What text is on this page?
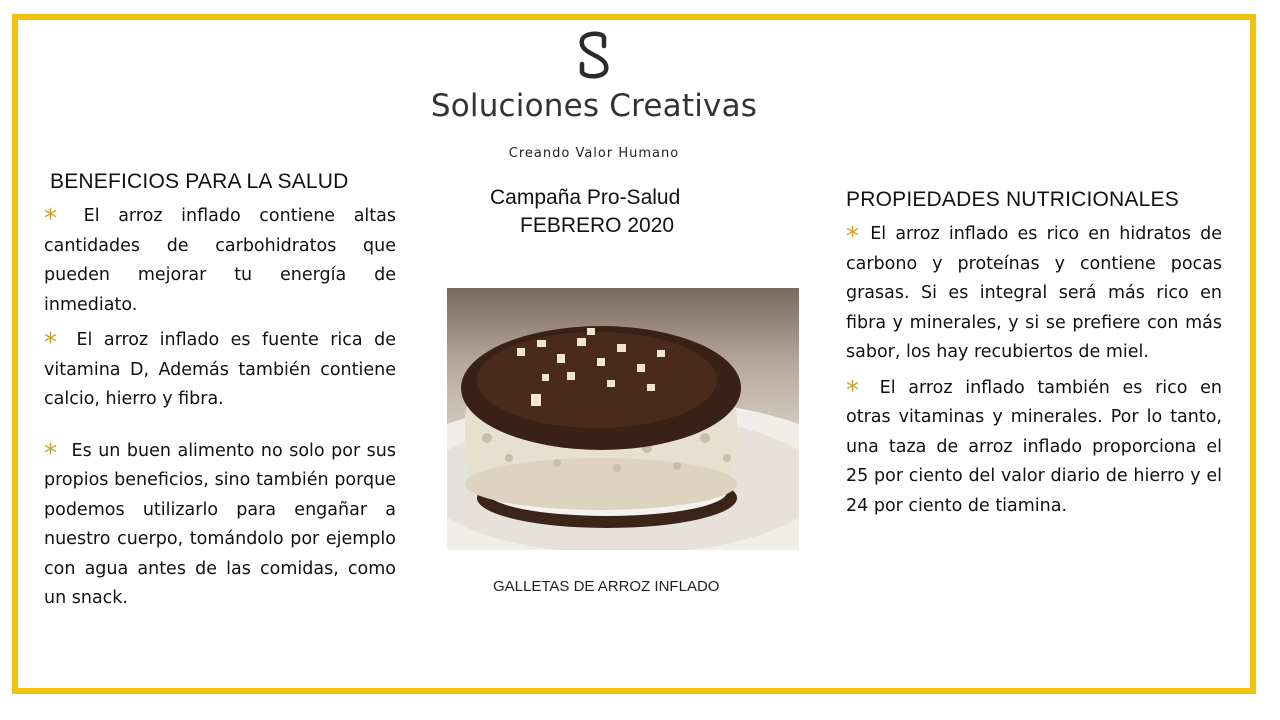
Soluciones Creativas
Creando Valor Humano
BENEFICIOS PARA LA SALUD

* El arroz inflado contiene altas cantidades de carbohidratos que pueden mejorar tu energía de inmediato.

* El arroz inflado es fuente rica de vitamina D, Además también contiene calcio, hierro y fibra.

* Es un buen alimento no solo por sus propios beneficios, sino también porque podemos utilizarlo para engañar a nuestro cuerpo, tomándolo por ejemplo con agua antes de las comidas, como un snack.

Campaña Pro-Salud
FEBRERO 2020
GALLETAS DE ARROZ INFLADO
PROPIEDADES NUTRICIONALES

* El arroz inflado es rico en hidratos de carbono y proteínas y contiene pocas grasas. Si es integral será más rico en fibra y minerales, y si se prefiere con más sabor, los hay recubiertos de miel.

* El arroz inflado también es rico en otras vitaminas y minerales. Por lo tanto, una taza de arroz inflado proporciona el 25 por ciento del valor diario de hierro y el 24 por ciento de tiamina.
